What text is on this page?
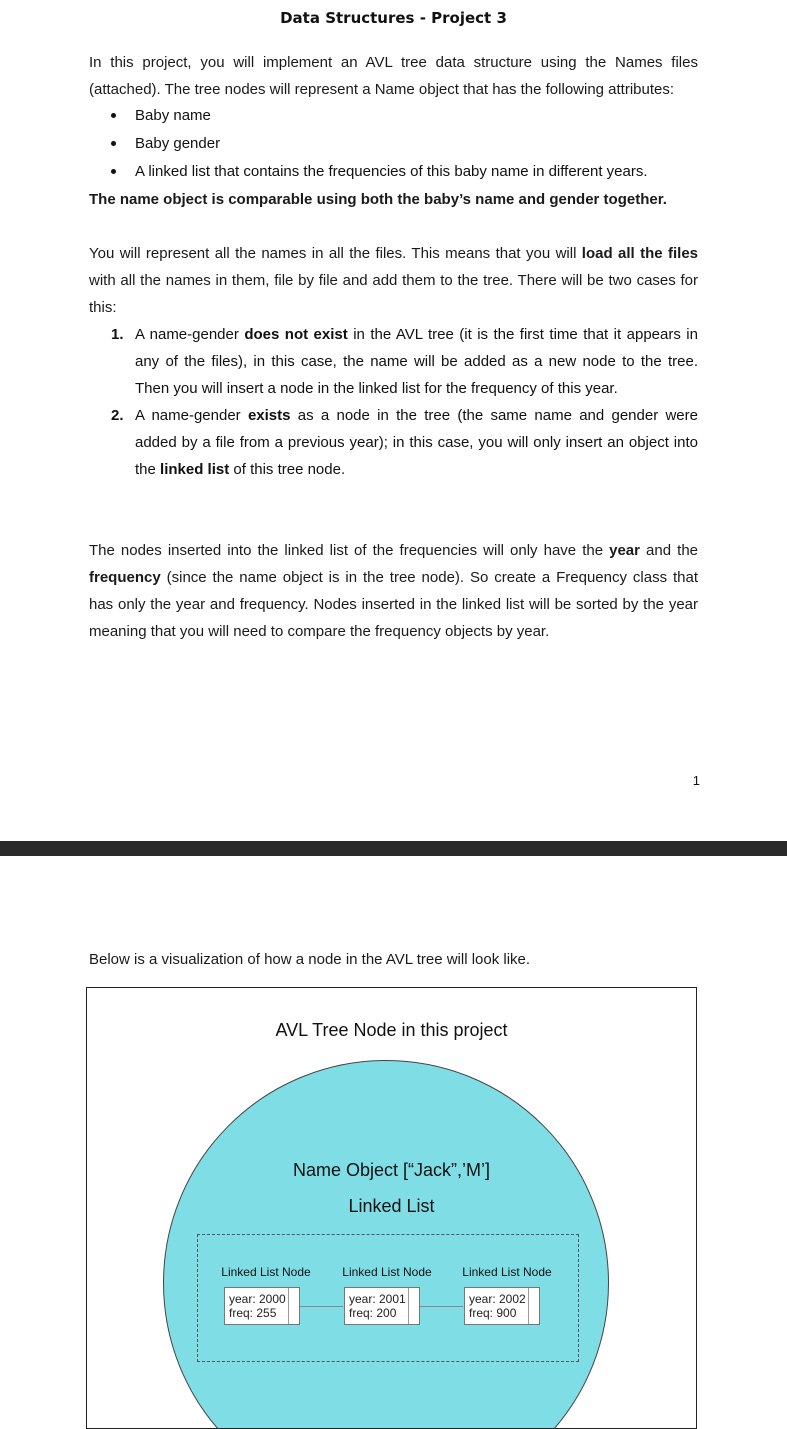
Data Structures - Project 3

In this project, you will implement an AVL tree data structure using the Names files (attached). The tree nodes will represent a Name object that has the following attributes:

Baby name
Baby gender
A linked list that contains the frequencies of this baby name in different years.

The name object is comparable using both the baby’s name and gender together.

You will represent all the names in all the files. This means that you will load all the files with all the names in them, file by file and add them to the tree. There will be two cases for this:

1. A name-gender does not exist in the AVL tree (it is the first time that it appears in any of the files), in this case, the name will be added as a new node to the tree. Then you will insert a node in the linked list for the frequency of this year.
2. A name-gender exists as a node in the tree (the same name and gender were added by a file from a previous year); in this case, you will only insert an object into the linked list of this tree node.

The nodes inserted into the linked list of the frequencies will only have the year and the frequency (since the name object is in the tree node). So create a Frequency class that has only the year and frequency. Nodes inserted in the linked list will be sorted by the year meaning that you will need to compare the frequency objects by year.

1

Below is a visualization of how a node in the AVL tree will look like.

AVL Tree Node in this project
Name Object [“Jack”,’M’]
Linked List
Linked List Node	Linked List Node	Linked List Node
year: 2000
freq: 255
year: 2001
freq: 200
year: 2002
freq: 900
